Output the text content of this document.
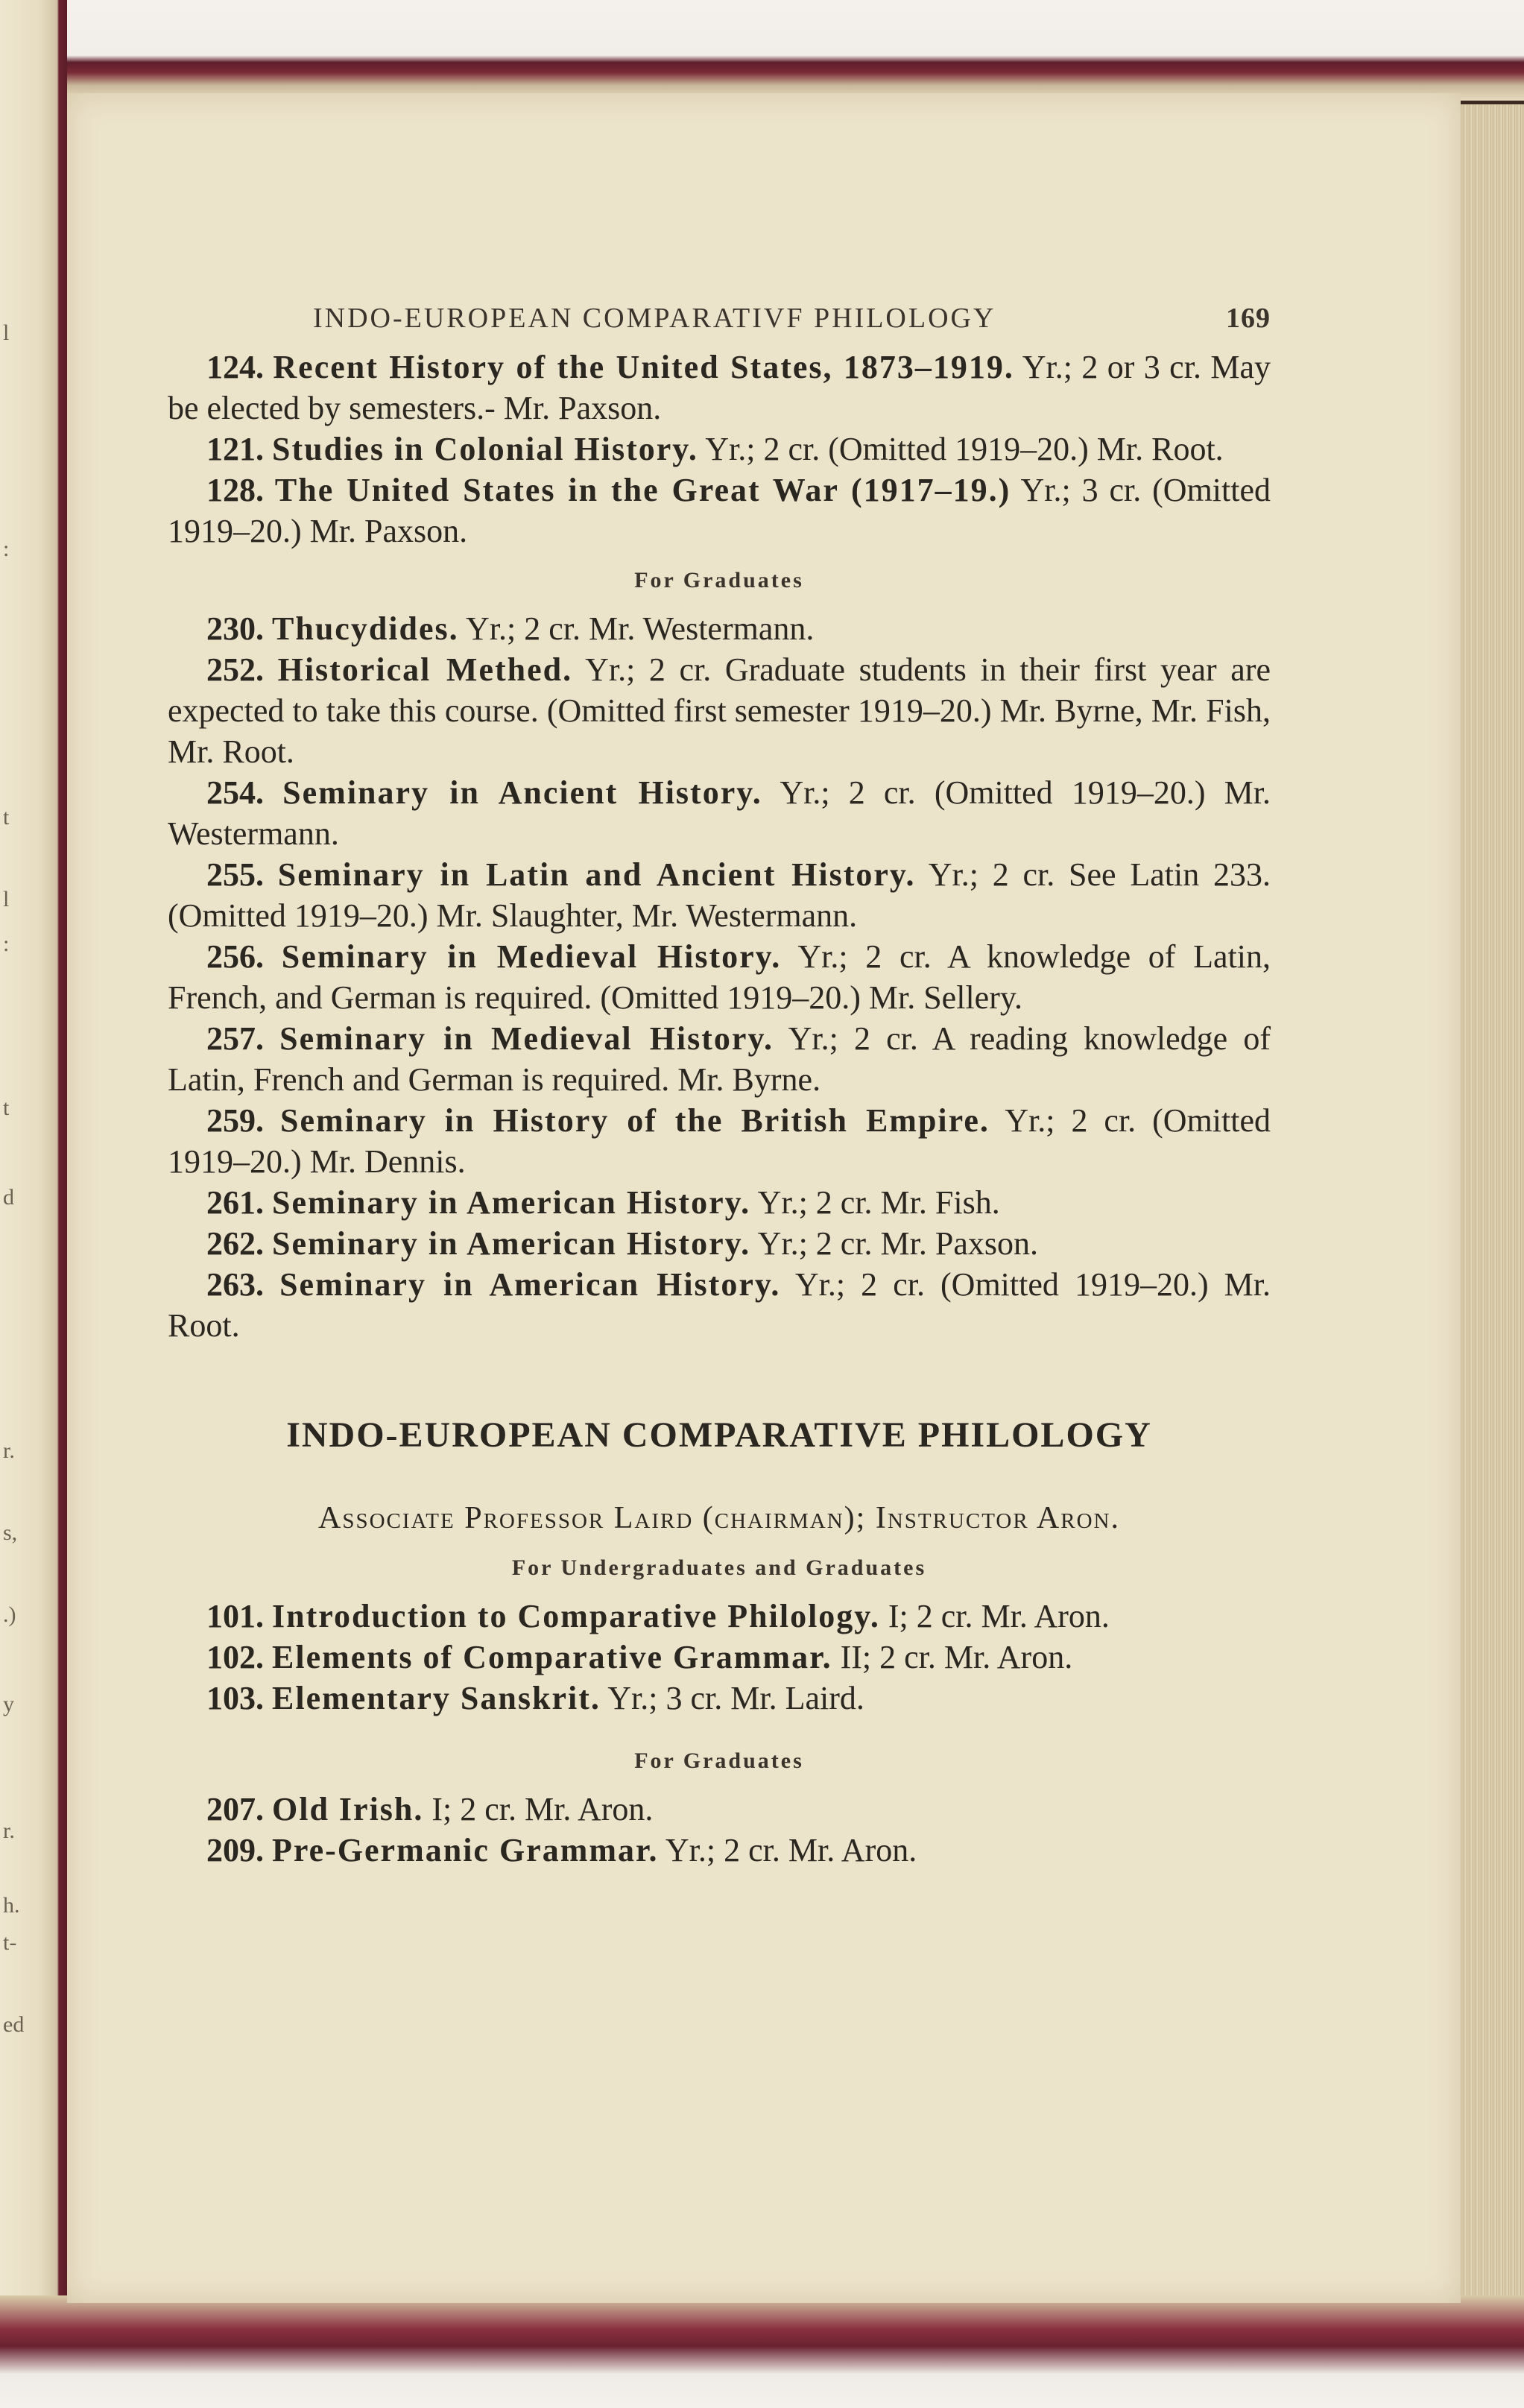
l
:
t
l
:
t
d
r.
s,
.)
y
r.
h.
t-
ed
INDO-EUROPEAN COMPARATIVF PHILOLOGY	169

124. Recent History of the United States, 1873–1919. Yr.; 2 or 3 cr. May be elected by semesters.- Mr. Paxson.

121. Studies in Colonial History. Yr.; 2 cr. (Omitted 1919–20.) Mr. Root.

128. The United States in the Great War (1917–19.) Yr.; 3 cr. (Omitted 1919–20.) Mr. Paxson.

For Graduates

230. Thucydides. Yr.; 2 cr. Mr. Westermann.

252. Historical Methed. Yr.; 2 cr. Graduate students in their first year are expected to take this course. (Omitted first semester 1919–20.) Mr. Byrne, Mr. Fish, Mr. Root.

254. Seminary in Ancient History. Yr.; 2 cr. (Omitted 1919–20.) Mr. Westermann.

255. Seminary in Latin and Ancient History. Yr.; 2 cr. See Latin 233. (Omitted 1919–20.) Mr. Slaughter, Mr. Westermann.

256. Seminary in Medieval History. Yr.; 2 cr. A knowledge of Latin, French, and German is required. (Omitted 1919–20.) Mr. Sellery.

257. Seminary in Medieval History. Yr.; 2 cr. A reading knowledge of Latin, French and German is required. Mr. Byrne.

259. Seminary in History of the British Empire. Yr.; 2 cr. (Omitted 1919–20.) Mr. Dennis.

261. Seminary in American History. Yr.; 2 cr. Mr. Fish.

262. Seminary in American History. Yr.; 2 cr. Mr. Paxson.

263. Seminary in American History. Yr.; 2 cr. (Omitted 1919–20.) Mr. Root.

INDO-EUROPEAN COMPARATIVE PHILOLOGY
Associate Professor Laird (chairman); Instructor Aron.
For Undergraduates and Graduates

101. Introduction to Comparative Philology. I; 2 cr. Mr. Aron.

102. Elements of Comparative Grammar. II; 2 cr. Mr. Aron.

103. Elementary Sanskrit. Yr.; 3 cr. Mr. Laird.

For Graduates

207. Old Irish. I; 2 cr. Mr. Aron.

209. Pre-Germanic Grammar. Yr.; 2 cr. Mr. Aron.
